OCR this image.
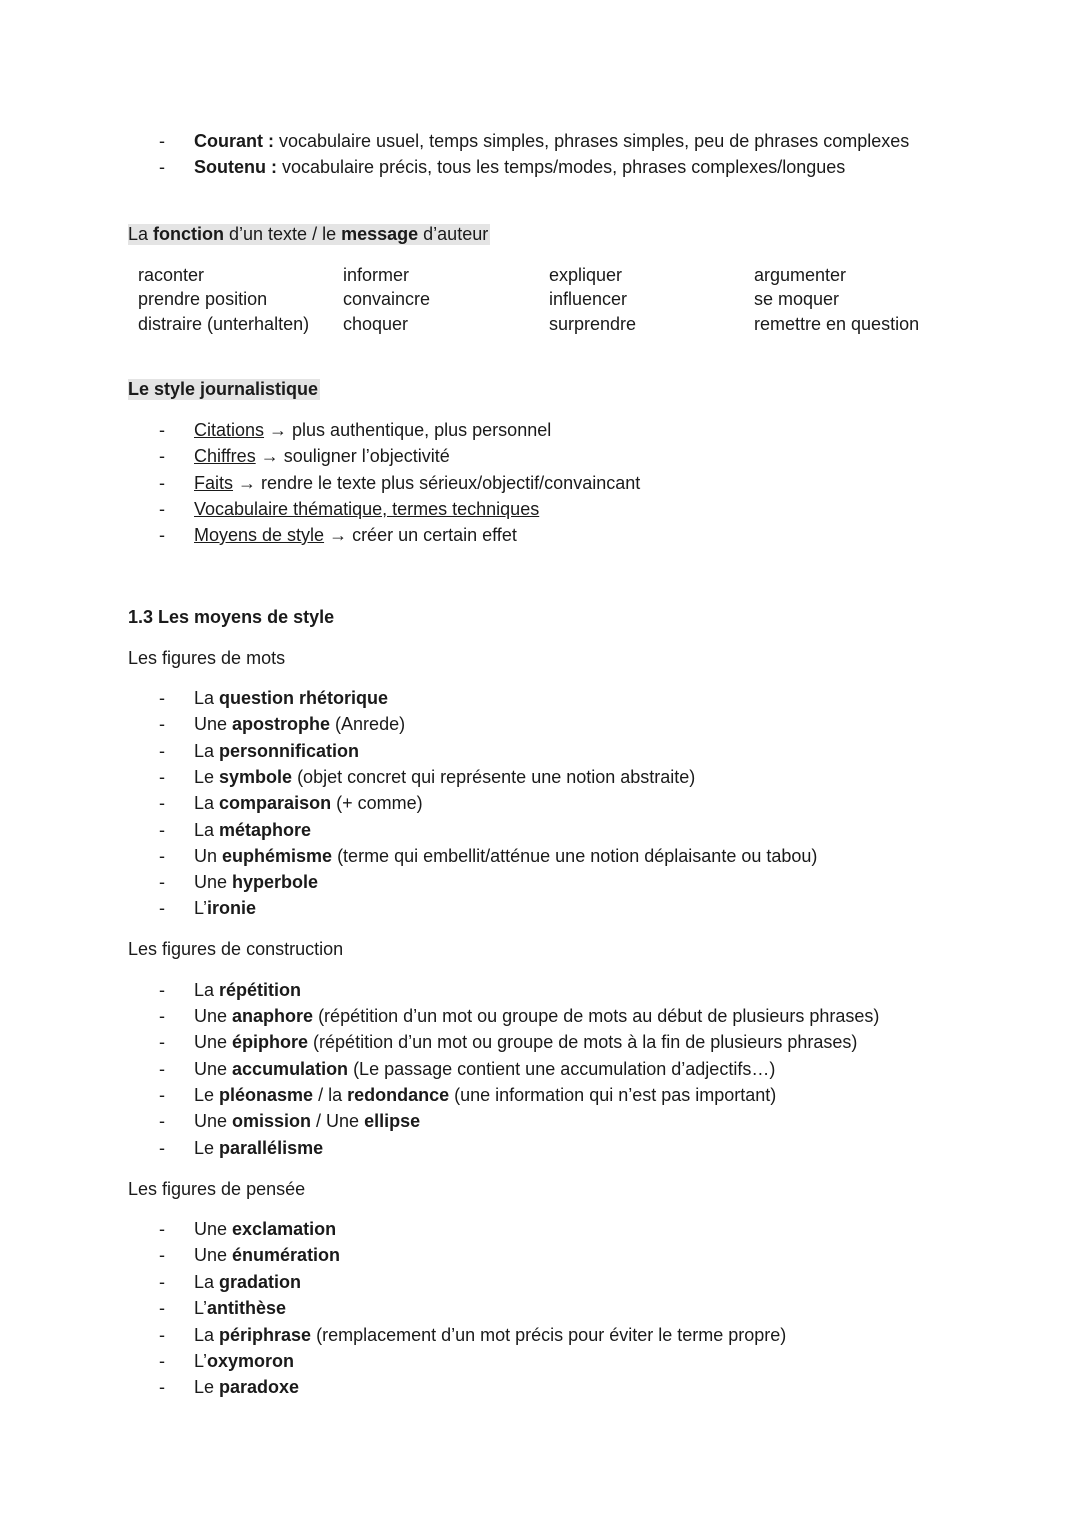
- Courant : vocabulaire usuel, temps simples, phrases simples, peu de phrases complexes
- Soutenu : vocabulaire précis, tous les temps/modes, phrases complexes/longues
La fonction d’un texte / le message d’auteur
raconter
prendre position
distraire (unterhalten)
informer
convaincre
choquer
expliquer
influencer
surprendre
argumenter
se moquer
remettre en question
Le style journalistique
- Citations → plus authentique, plus personnel
- Chiffres → souligner l’objectivité
- Faits → rendre le texte plus sérieux/objectif/convaincant
- Vocabulaire thématique, termes techniques
- Moyens de style → créer un certain effet
1.3 Les moyens de style
Les figures de mots
- La question rhétorique
- Une apostrophe (Anrede)
- La personnification
- Le symbole (objet concret qui représente une notion abstraite)
- La comparaison (+ comme)
- La métaphore
- Un euphémisme (terme qui embellit/atténue une notion déplaisante ou tabou)
- Une hyperbole
- L’ironie
Les figures de construction
- La répétition
- Une anaphore (répétition d’un mot ou groupe de mots au début de plusieurs phrases)
- Une épiphore (répétition d’un mot ou groupe de mots à la fin de plusieurs phrases)
- Une accumulation (Le passage contient une accumulation d’adjectifs…)
- Le pléonasme / la redondance (une information qui n’est pas important)
- Une omission / Une ellipse
- Le parallélisme
Les figures de pensée
- Une exclamation
- Une énumération
- La gradation
- L’antithèse
- La périphrase (remplacement d’un mot précis pour éviter le terme propre)
- L’oxymoron
- Le paradoxe
